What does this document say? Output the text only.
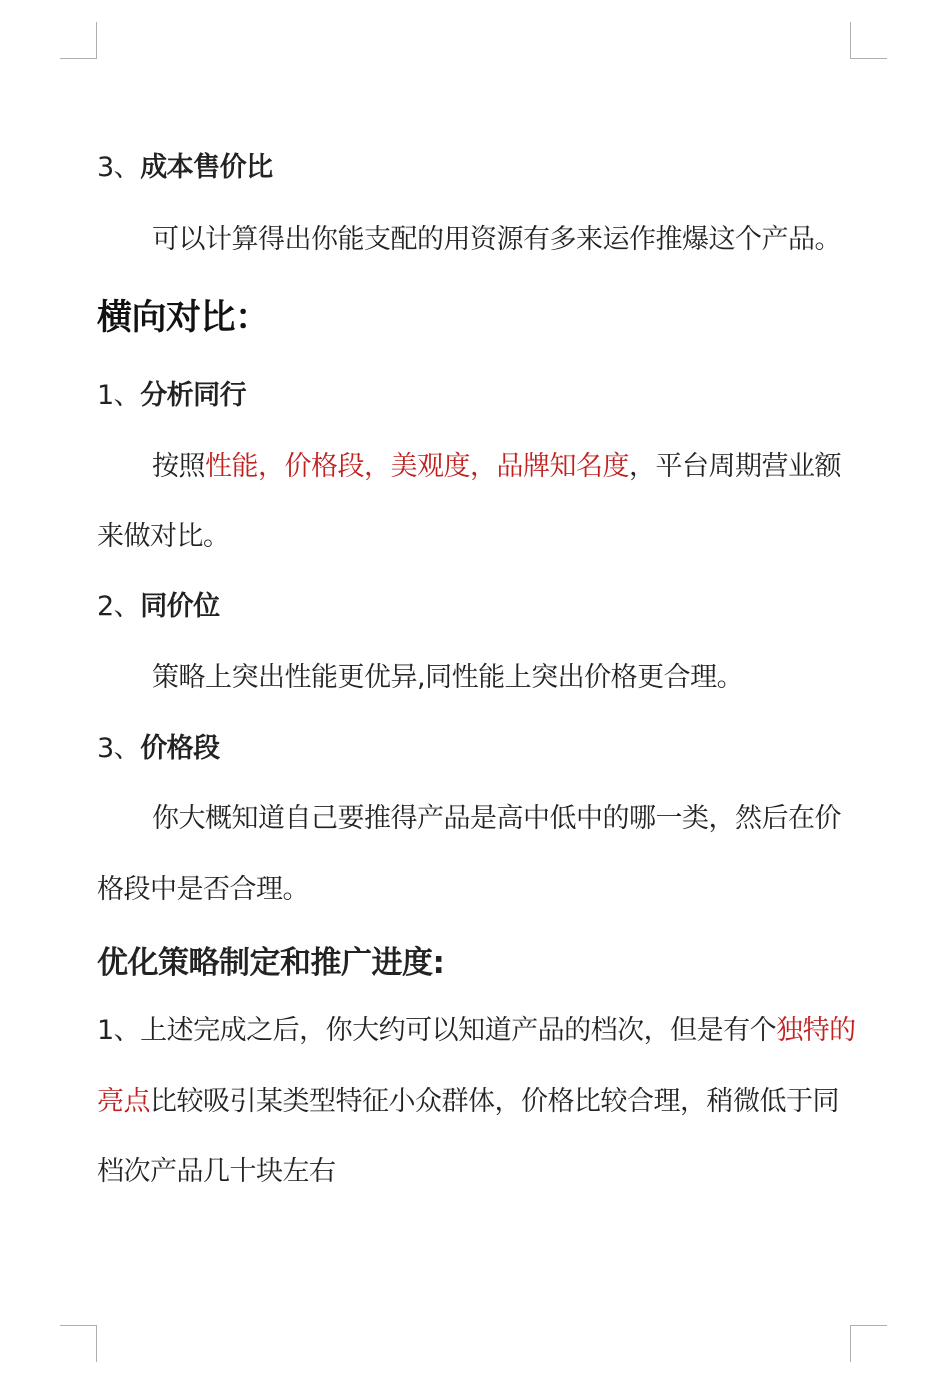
3、成本售价比
可以计算得出你能支配的用资源有多来运作推爆这个产品。
横向对比：
1、分析同行
按照性能，价格段，美观度，品牌知名度，平台周期营业额
来做对比。
2、同价位
策略上突出性能更优异,同性能上突出价格更合理。
3、价格段
你大概知道自己要推得产品是高中低中的哪一类，然后在价
格段中是否合理。
优化策略制定和推广进度:
1、上述完成之后，你大约可以知道产品的档次，但是有个独特的
亮点比较吸引某类型特征小众群体，价格比较合理，稍微低于同
档次产品几十块左右
